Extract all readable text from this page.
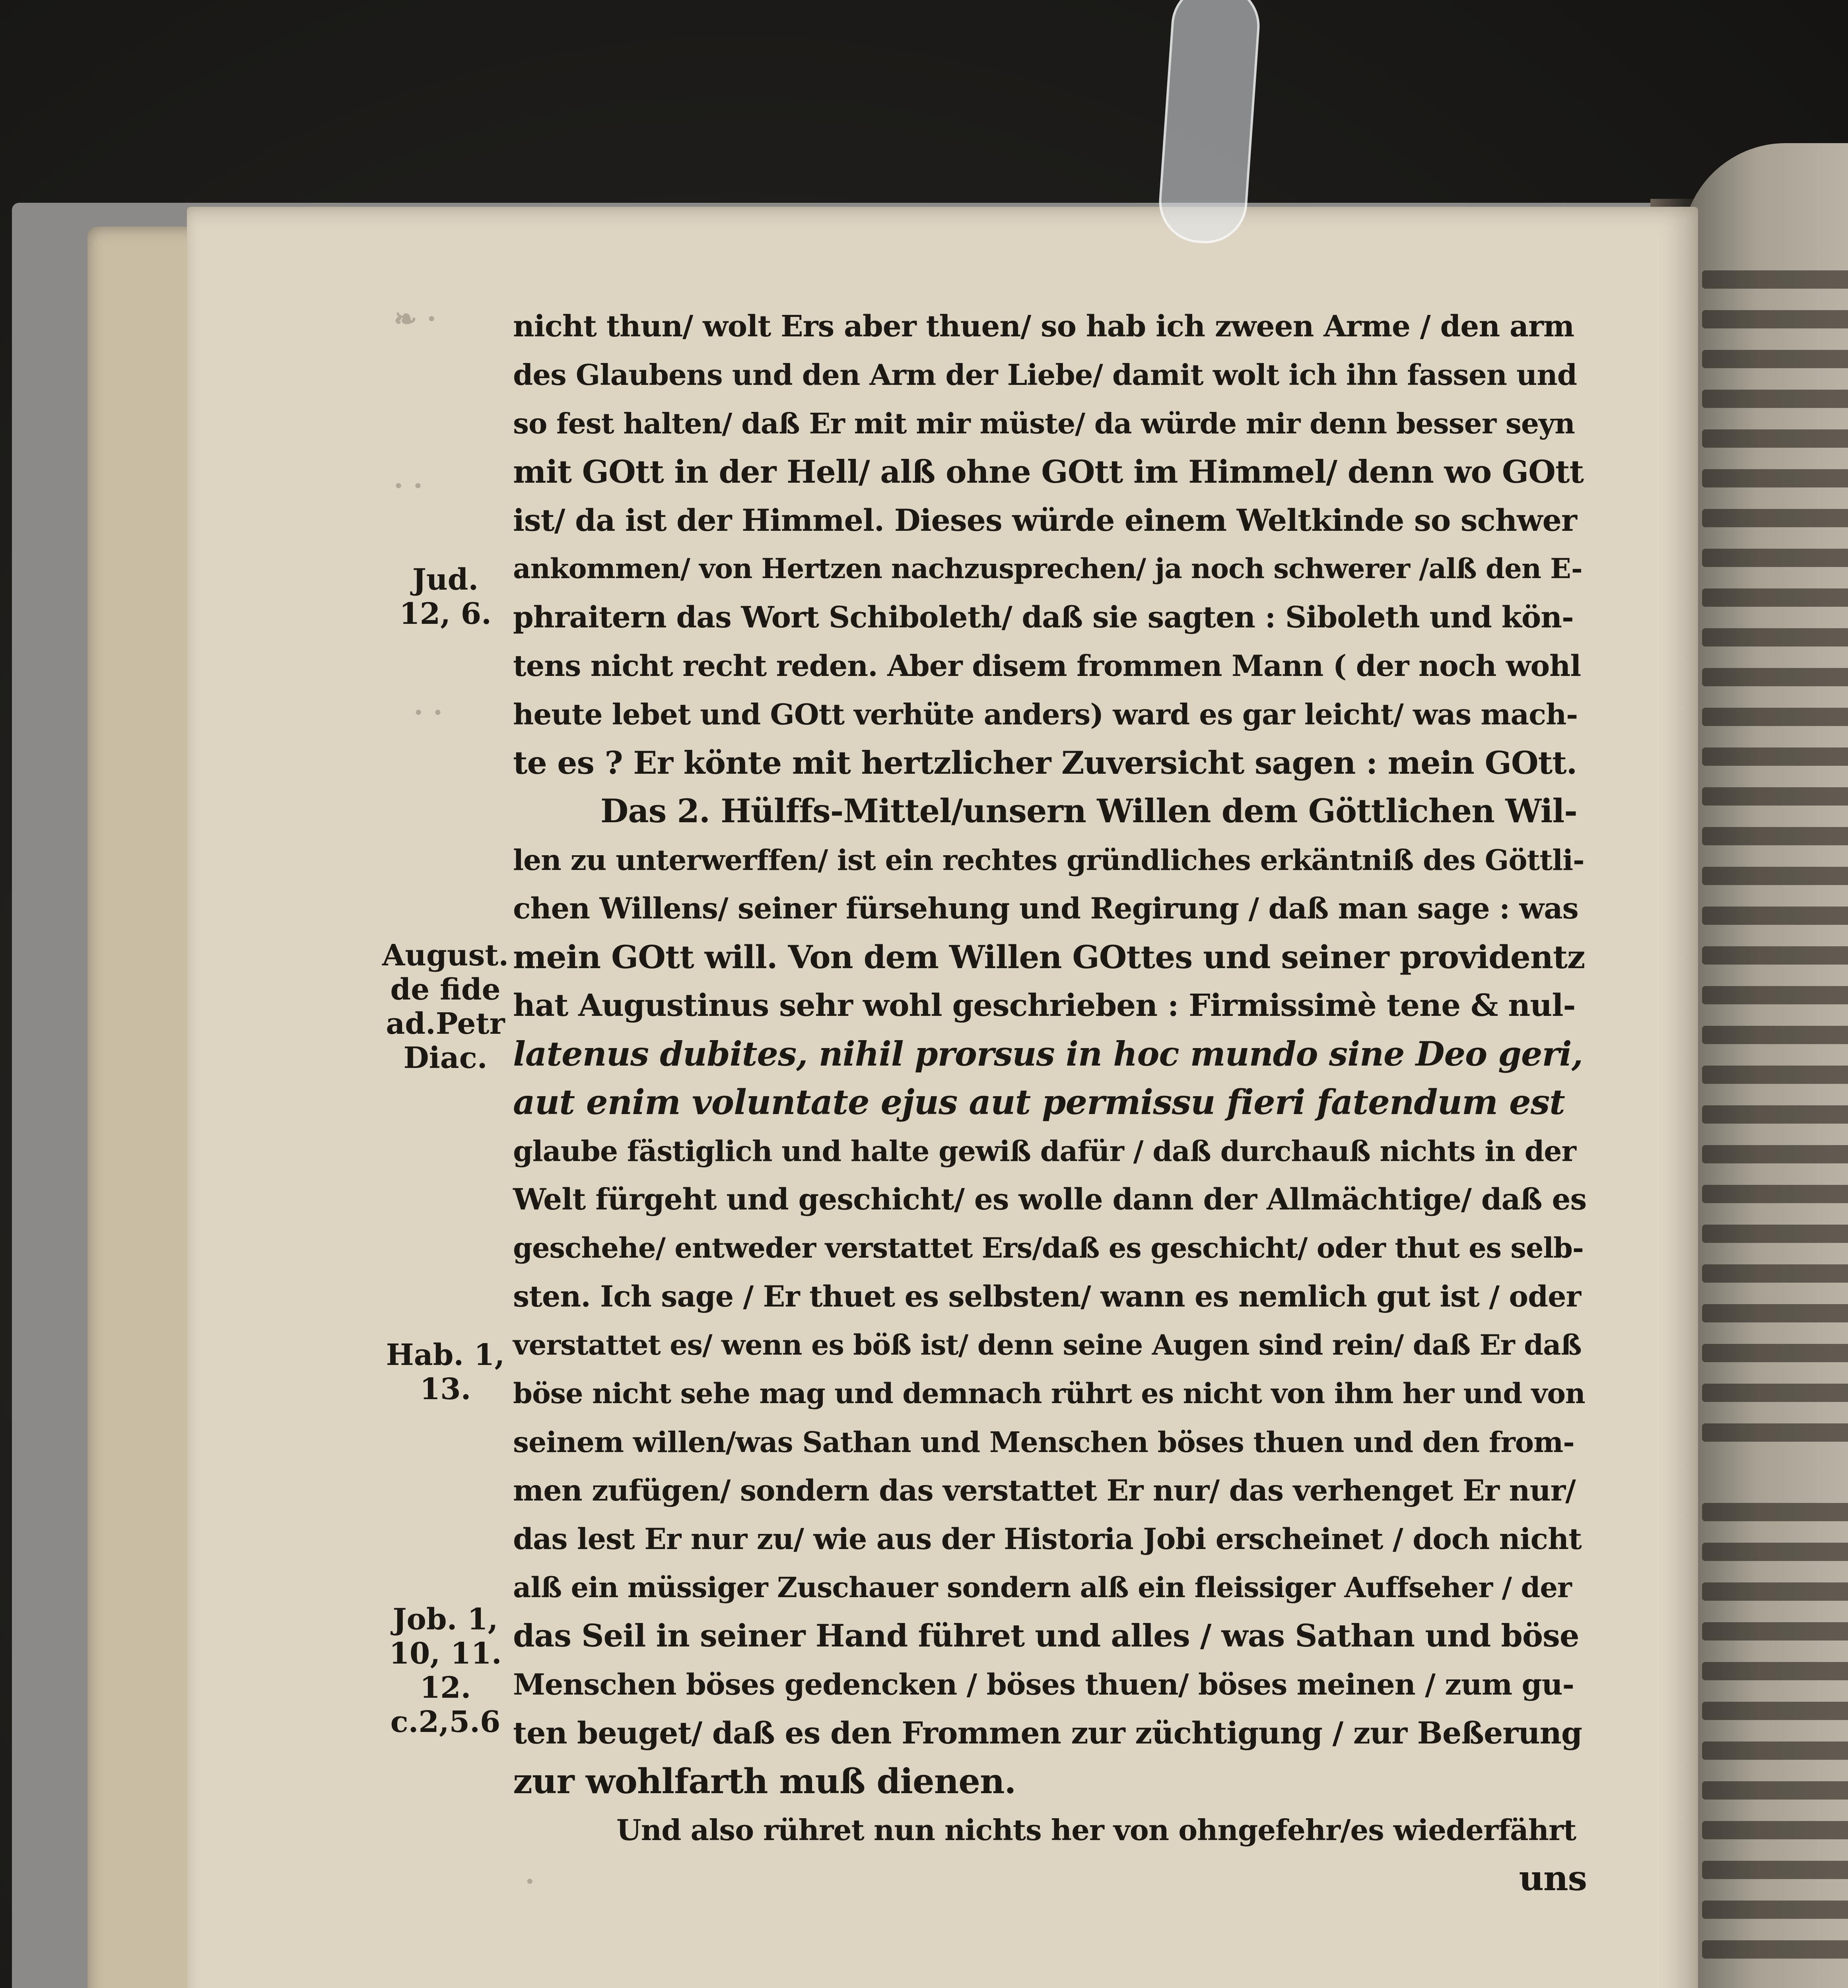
❧ ·
· ·
· ·
·
Jud. 12, 6.
August. de fide ad.Petr Diac.
Hab. 1, 13.
Job. 1, 10, 11. 12. c.2,5.6
nicht thun/ wolt Ers aber thuen/ so hab ich zween Arme / den arm
des Glaubens und den Arm der Liebe/ damit wolt ich ihn fassen und
so fest halten/ daß Er mit mir müste/ da würde mir denn besser seyn
mit GOtt in der Hell/ alß ohne GOtt im Himmel/ denn wo GOtt
ist/ da ist der Himmel. Dieses würde einem Weltkinde so schwer
ankommen/ von Hertzen nachzusprechen/ ja noch schwerer /alß den E-
phraitern das Wort Schiboleth/ daß sie sagten : Siboleth und kön-
tens nicht recht reden. Aber disem frommen Mann ( der noch wohl
heute lebet und GOtt verhüte anders) ward es gar leicht/ was mach-
te es ? Er könte mit hertzlicher Zuversicht sagen : mein GOtt.
Das 2. Hülffs-Mittel/unsern Willen dem Göttlichen Wil-
len zu unterwerffen/ ist ein rechtes gründliches erkäntniß des Göttli-
chen Willens/ seiner fürsehung und Regirung / daß man sage : was
mein GOtt will. Von dem Willen GOttes und seiner providentz
hat Augustinus sehr wohl geschrieben : Firmissimè tene & nul-
latenus dubites, nihil prorsus in hoc mundo sine Deo geri,
aut enim voluntate ejus aut permissu fieri fatendum est
glaube fästiglich und halte gewiß dafür / daß durchauß nichts in der
Welt fürgeht und geschicht/ es wolle dann der Allmächtige/ daß es
geschehe/ entweder verstattet Ers/daß es geschicht/ oder thut es selb-
sten. Ich sage / Er thuet es selbsten/ wann es nemlich gut ist / oder
verstattet es/ wenn es böß ist/ denn seine Augen sind rein/ daß Er daß
böse nicht sehe mag und demnach rührt es nicht von ihm her und von
seinem willen/was Sathan und Menschen böses thuen und den from-
men zufügen/ sondern das verstattet Er nur/ das verhenget Er nur/
das lest Er nur zu/ wie aus der Historia Jobi erscheinet / doch nicht
alß ein müssiger Zuschauer sondern alß ein fleissiger Auffseher / der
das Seil in seiner Hand führet und alles / was Sathan und böse
Menschen böses gedencken / böses thuen/ böses meinen / zum gu-
ten beuget/ daß es den Frommen zur züchtigung / zur Beßerung
zur wohlfarth muß dienen.
Und also rühret nun nichts her von ohngefehr/es wiederfährt
uns
